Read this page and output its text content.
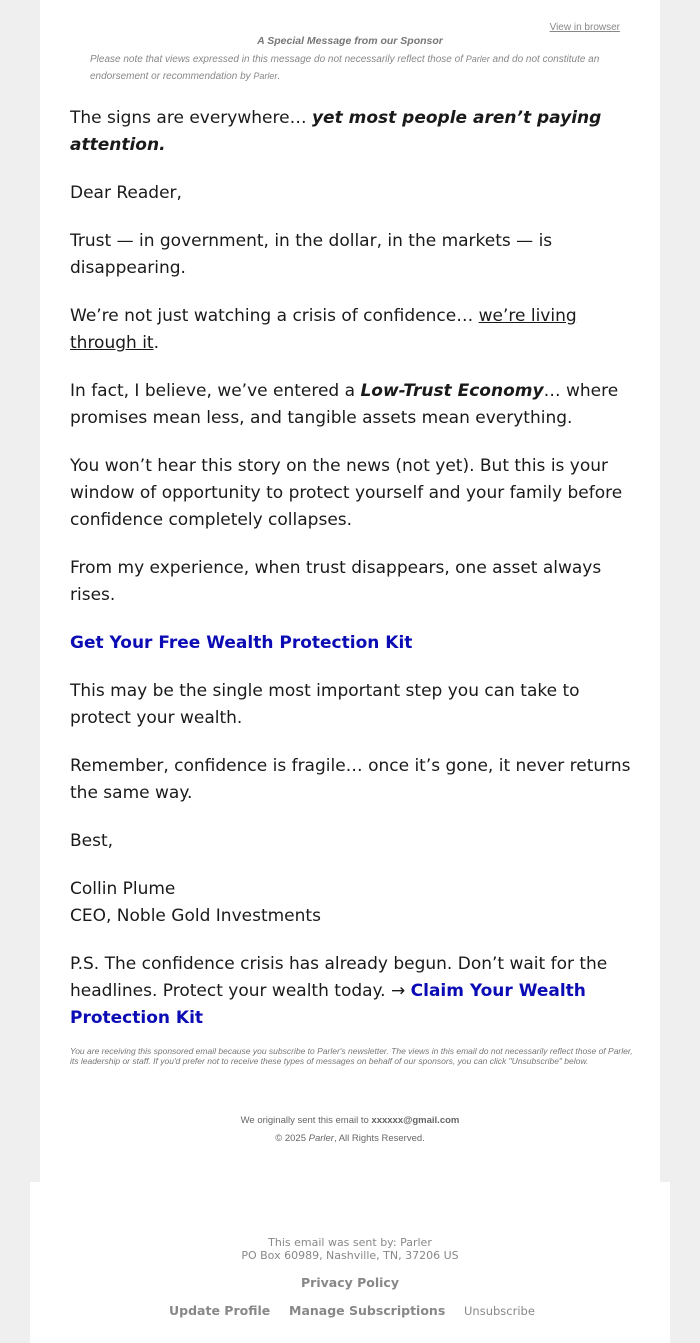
View in browser
A Special Message from our Sponsor
Please note that views expressed in this message do not necessarily reflect those of Parler and do not constitute an endorsement or recommendation by Parler.

The signs are everywhere… yet most people aren’t paying attention.

Dear Reader,

Trust — in government, in the dollar, in the markets — is disappearing.

We’re not just watching a crisis of confidence… we’re living through it.

In fact, I believe, we’ve entered a Low-Trust Economy… where promises mean less, and tangible assets mean everything.

You won’t hear this story on the news (not yet). But this is your window of opportunity to protect yourself and your family before confidence completely collapses.

From my experience, when trust disappears, one asset always rises.

Get Your Free Wealth Protection Kit

This may be the single most important step you can take to protect your wealth.

Remember, confidence is fragile… once it’s gone, it never returns the same way.

Best,

Collin Plume
CEO, Noble Gold Investments

P.S. The confidence crisis has already begun. Don’t wait for the headlines. Protect your wealth today. → Claim Your Wealth Protection Kit

You are receiving this sponsored email because you subscribe to Parler's newsletter. The views in this email do not necessarily reflect those of Parler, its leadership or staff. If you'd prefer not to receive these types of messages on behalf of our sponsors, you can click "Unsubscribe" below.
We originally sent this email to xxxxxx@gmail.com
© 2025 Parler, All Rights Reserved.
This email was sent by: Parler
PO Box 60989, Nashville, TN, 37206 US
Privacy Policy
Update Profile Manage Subscriptions Unsubscribe
